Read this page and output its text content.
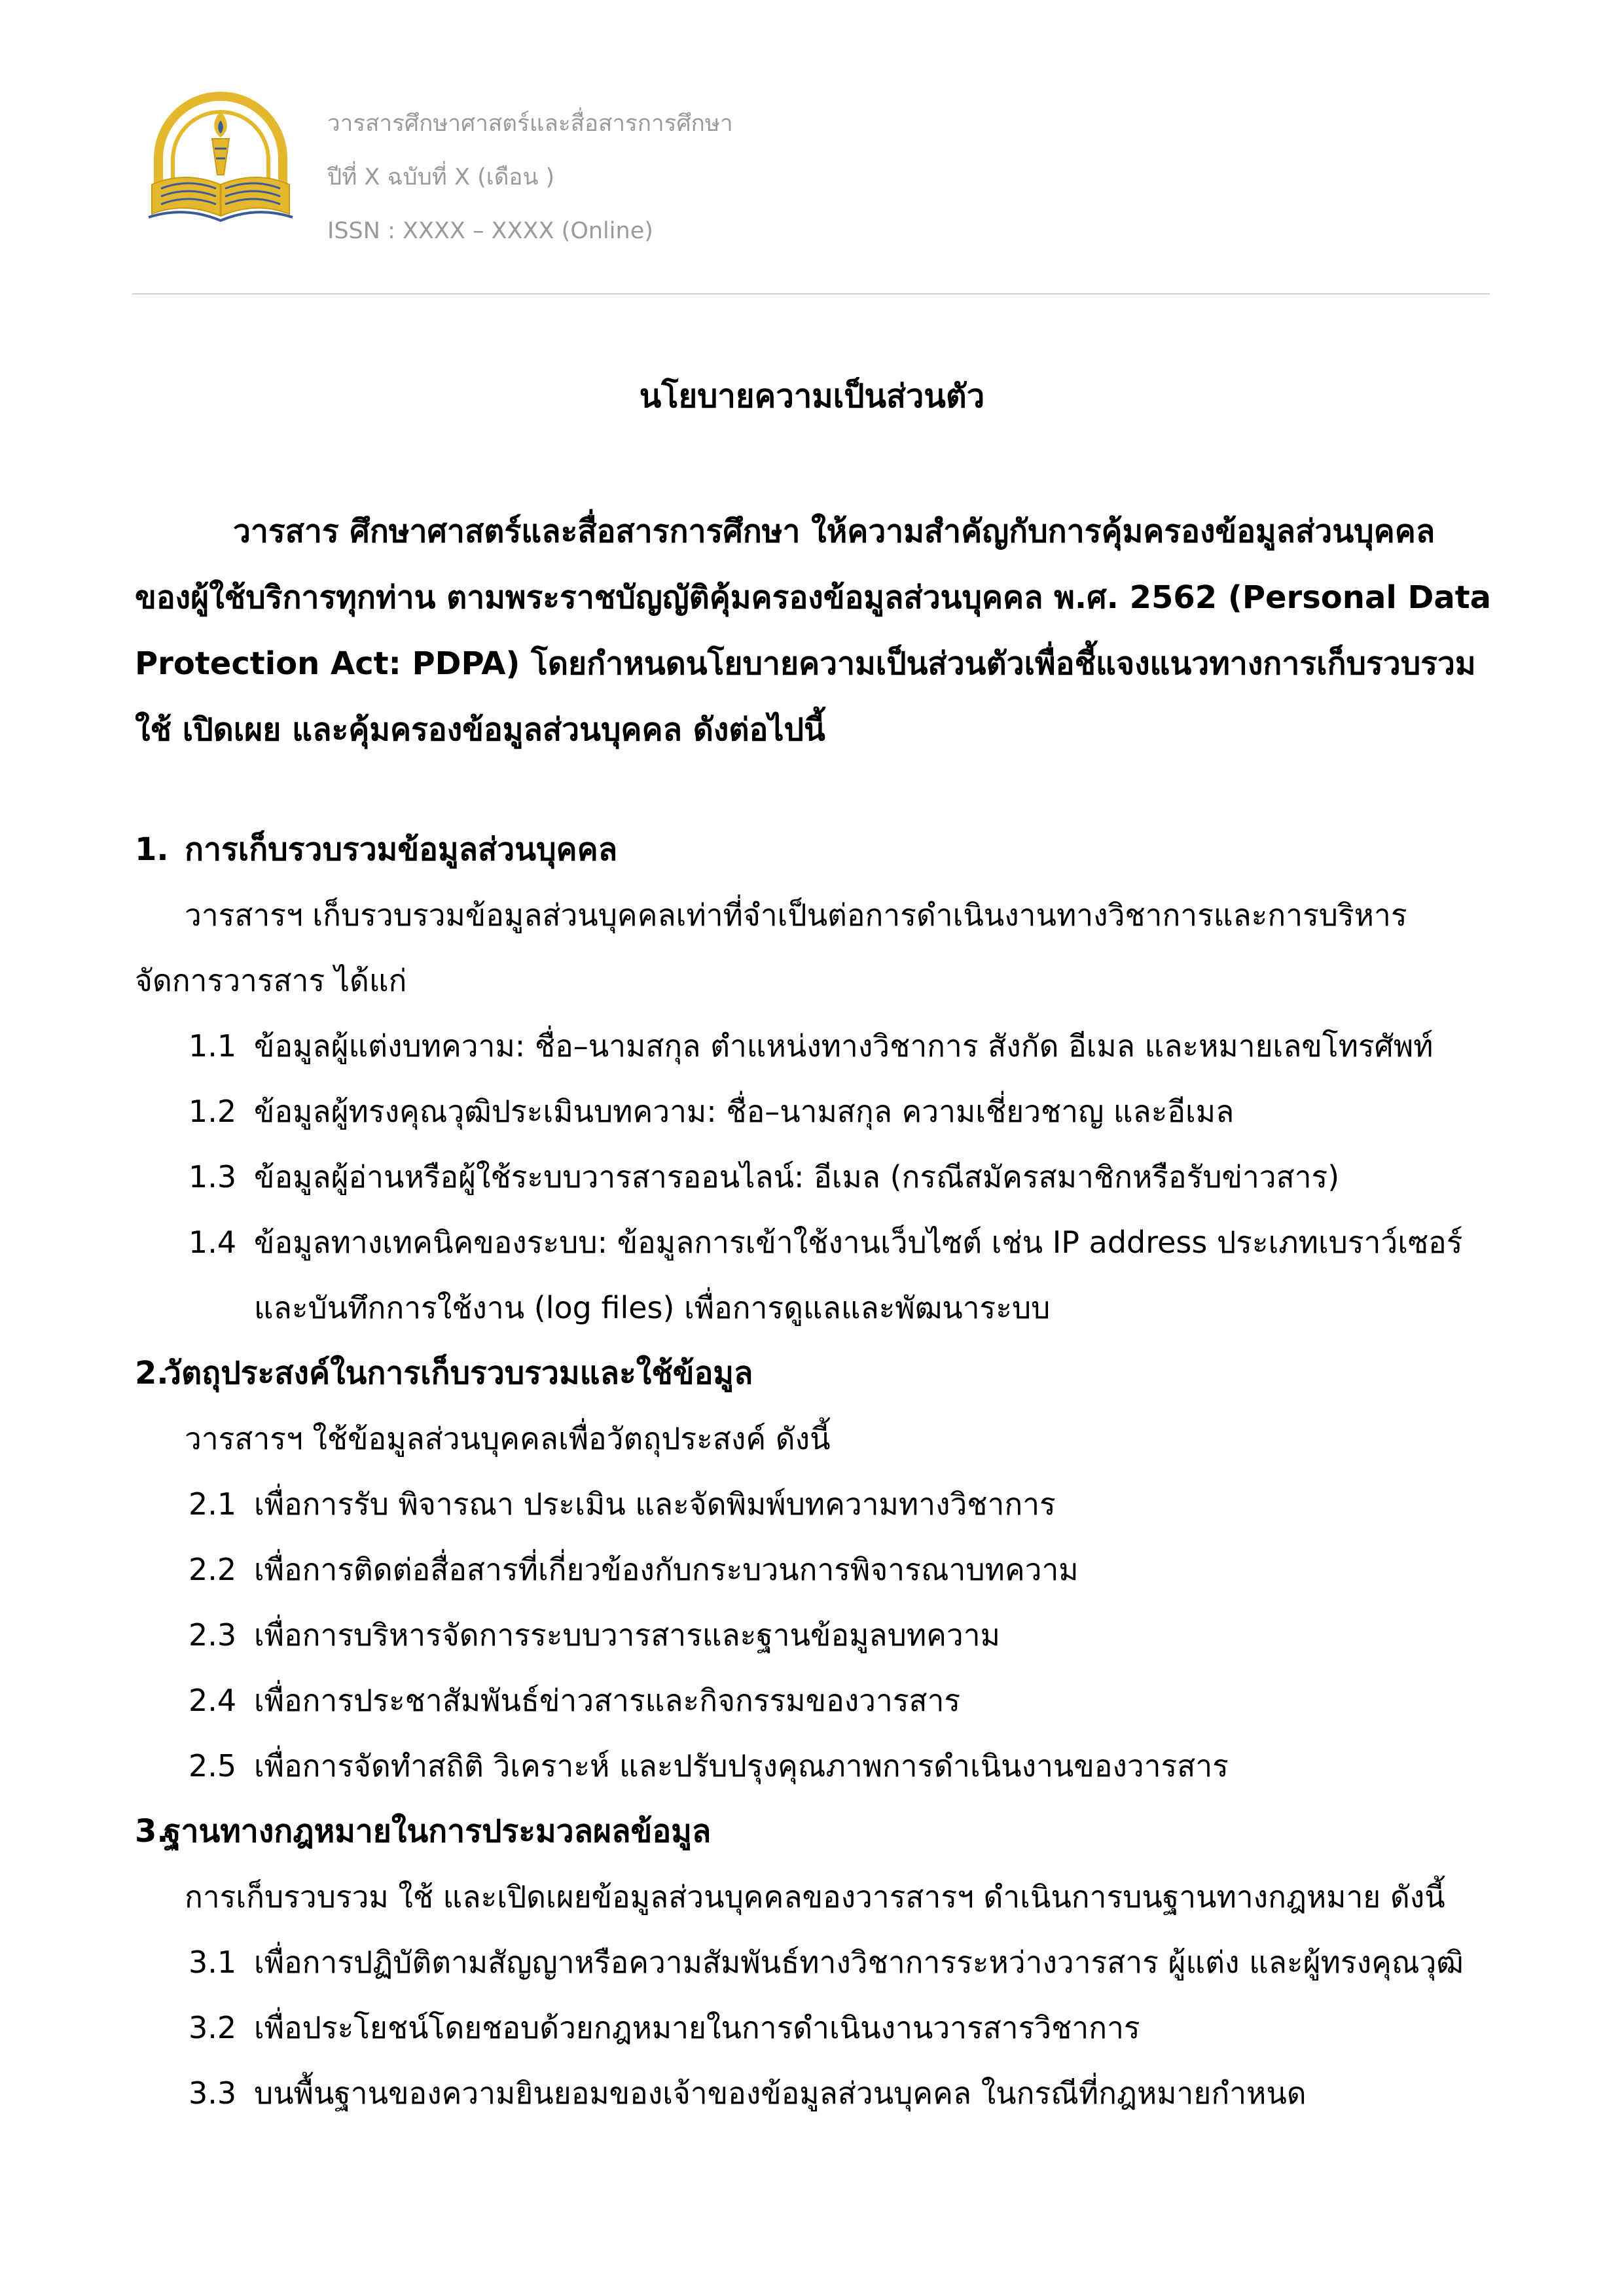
วารสารศึกษาศาสตร์และสื่อสารการศึกษา
ปีที่ X ฉบับที่ X (เดือน )
ISSN : XXXX – XXXX (Online)
นโยบายความเป็นส่วนตัว
วารสาร ศึกษาศาสตร์และสื่อสารการศึกษา ให้ความสำคัญกับการคุ้มครองข้อมูลส่วนบุคคล
ของผู้ใช้บริการทุกท่าน ตามพระราชบัญญัติคุ้มครองข้อมูลส่วนบุคคล พ.ศ. 2562 (Personal Data
Protection Act: PDPA) โดยกำหนดนโยบายความเป็นส่วนตัวเพื่อชี้แจงแนวทางการเก็บรวบรวม
ใช้ เปิดเผย และคุ้มครองข้อมูลส่วนบุคคล ดังต่อไปนี้
1. การเก็บรวบรวมข้อมูลส่วนบุคคล
วารสารฯ เก็บรวบรวมข้อมูลส่วนบุคคลเท่าที่จำเป็นต่อการดำเนินงานทางวิชาการและการบริหาร
จัดการวารสาร ได้แก่
1.1 ข้อมูลผู้แต่งบทความ: ชื่อ–นามสกุล ตำแหน่งทางวิชาการ สังกัด อีเมล และหมายเลขโทรศัพท์
1.2 ข้อมูลผู้ทรงคุณวุฒิประเมินบทความ: ชื่อ–นามสกุล ความเชี่ยวชาญ และอีเมล
1.3 ข้อมูลผู้อ่านหรือผู้ใช้ระบบวารสารออนไลน์: อีเมล (กรณีสมัครสมาชิกหรือรับข่าวสาร)
1.4 ข้อมูลทางเทคนิคของระบบ: ข้อมูลการเข้าใช้งานเว็บไซต์ เช่น IP address ประเภทเบราว์เซอร์
และบันทึกการใช้งาน (log files) เพื่อการดูแลและพัฒนาระบบ
2.วัตถุประสงค์ในการเก็บรวบรวมและใช้ข้อมูล
วารสารฯ ใช้ข้อมูลส่วนบุคคลเพื่อวัตถุประสงค์ ดังนี้
2.1 เพื่อการรับ พิจารณา ประเมิน และจัดพิมพ์บทความทางวิชาการ
2.2 เพื่อการติดต่อสื่อสารที่เกี่ยวข้องกับกระบวนการพิจารณาบทความ
2.3 เพื่อการบริหารจัดการระบบวารสารและฐานข้อมูลบทความ
2.4 เพื่อการประชาสัมพันธ์ข่าวสารและกิจกรรมของวารสาร
2.5 เพื่อการจัดทำสถิติ วิเคราะห์ และปรับปรุงคุณภาพการดำเนินงานของวารสาร
3.ฐานทางกฎหมายในการประมวลผลข้อมูล
การเก็บรวบรวม ใช้ และเปิดเผยข้อมูลส่วนบุคคลของวารสารฯ ดำเนินการบนฐานทางกฎหมาย ดังนี้
3.1 เพื่อการปฏิบัติตามสัญญาหรือความสัมพันธ์ทางวิชาการระหว่างวารสาร ผู้แต่ง และผู้ทรงคุณวุฒิ
3.2 เพื่อประโยชน์โดยชอบด้วยกฎหมายในการดำเนินงานวารสารวิชาการ
3.3 บนพื้นฐานของความยินยอมของเจ้าของข้อมูลส่วนบุคคล ในกรณีที่กฎหมายกำหนด
